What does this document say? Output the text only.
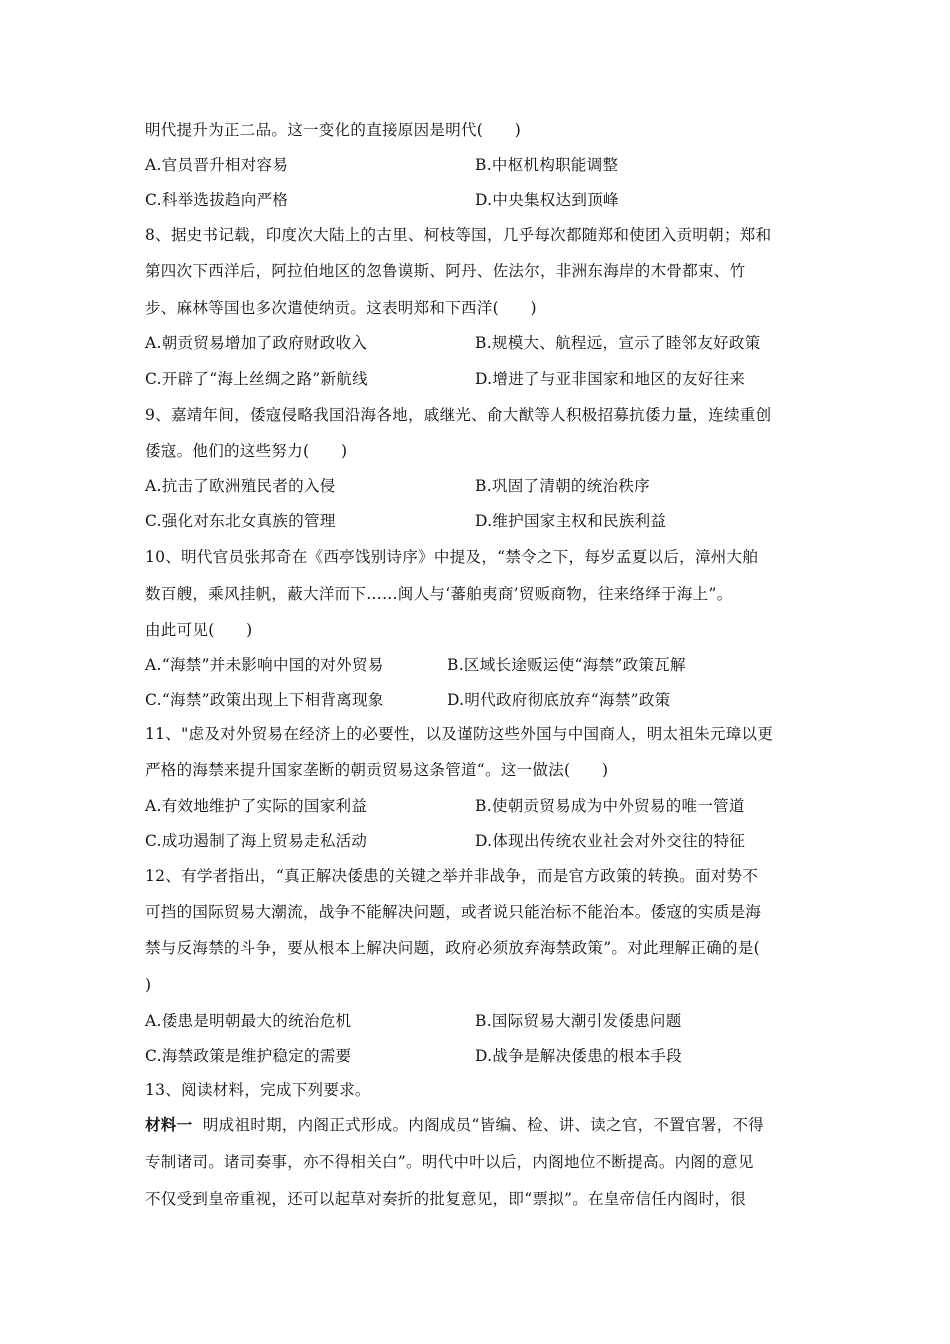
明代提升为正二品。这一变化的直接原因是明代(　　)
A.官员晋升相对容易	B.中枢机构职能调整
C.科举选拔趋向严格	D.中央集权达到顶峰
8、据史书记载，印度次大陆上的古里、柯枝等国，几乎每次都随郑和使团入贡明朝；郑和
第四次下西洋后，阿拉伯地区的忽鲁谟斯、阿丹、佐法尔，非洲东海岸的木骨都束、竹
步、麻林等国也多次遣使纳贡。这表明郑和下西洋(　　)
A.朝贡贸易增加了政府财政收入	B.规模大、航程远，宣示了睦邻友好政策
C.开辟了“海上丝绸之路”新航线	D.增进了与亚非国家和地区的友好往来
9、嘉靖年间，倭寇侵略我国沿海各地，戚继光、俞大猷等人积极招募抗倭力量，连续重创
倭寇。他们的这些努力(　　)
A.抗击了欧洲殖民者的入侵	B.巩固了清朝的统治秩序
C.强化对东北女真族的管理	D.维护国家主权和民族利益
10、明代官员张邦奇在《西亭饯别诗序》中提及，“禁令之下，每岁孟夏以后，漳州大舶
数百艘，乘风挂帆，蔽大洋而下……闽人与‘蕃舶夷商’贸贩商物，往来络绎于海上”。
由此可见(　　)
A.“海禁”并未影响中国的对外贸易	B.区域长途贩运使“海禁”政策瓦解
C.“海禁”政策出现上下相背离现象	D.明代政府彻底放弃“海禁”政策
11、"虑及对外贸易在经济上的必要性，以及谨防这些外国与中国商人，明太祖朱元璋以更
严格的海禁来提升国家垄断的朝贡贸易这条管道“。这一做法(　　)
A.有效地维护了实际的国家利益	B.使朝贡贸易成为中外贸易的唯一管道
C.成功遏制了海上贸易走私活动	D.体现出传统农业社会对外交往的特征
12、有学者指出，“真正解决倭患的关键之举并非战争，而是官方政策的转换。面对势不
可挡的国际贸易大潮流，战争不能解决问题，或者说只能治标不能治本。倭寇的实质是海
禁与反海禁的斗争，要从根本上解决问题，政府必须放弃海禁政策”。对此理解正确的是(
)
A.倭患是明朝最大的统治危机	B.国际贸易大潮引发倭患问题
C.海禁政策是维护稳定的需要	D.战争是解决倭患的根本手段
13、阅读材料，完成下列要求。
材料一 明成祖时期，内阁正式形成。内阁成员“皆编、检、讲、读之官，不置官署，不得
专制诸司。诸司奏事，亦不得相关白”。明代中叶以后，内阁地位不断提高。内阁的意见
不仅受到皇帝重视，还可以起草对奏折的批复意见，即“票拟”。在皇帝信任内阁时，很
